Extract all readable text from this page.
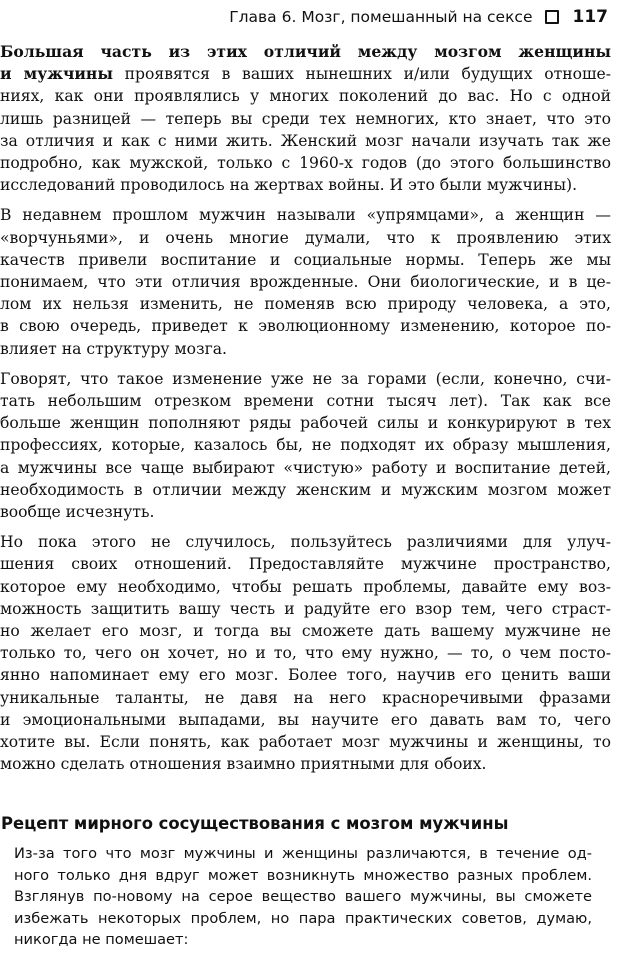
Глава 6. Мозг, помешанный на сексе 117

Большая часть из этих отличий между мозгом женщины
и мужчины проявятся в ваших нынешних и/или будущих отноше-
ниях, как они проявлялись у многих поколений до вас. Но с одной
лишь разницей — теперь вы среди тех немногих, кто знает, что это
за отличия и как с ними жить. Женский мозг начали изучать так же
подробно, как мужской, только с 1960-х годов (до этого большинство
исследований проводилось на жертвах войны. И это были мужчины).

В недавнем прошлом мужчин называли «упрямцами», а женщин —
«ворчуньями», и очень многие думали, что к проявлению этих
качеств привели воспитание и социальные нормы. Теперь же мы
понимаем, что эти отличия врожденные. Они биологические, и в це-
лом их нельзя изменить, не поменяв всю природу человека, а это,
в свою очередь, приведет к эволюционному изменению, которое по-
влияет на структуру мозга.

Говорят, что такое изменение уже не за горами (если, конечно, счи-
тать небольшим отрезком времени сотни тысяч лет). Так как все
больше женщин пополняют ряды рабочей силы и конкурируют в тех
профессиях, которые, казалось бы, не подходят их образу мышления,
а мужчины все чаще выбирают «чистую» работу и воспитание детей,
необходимость в отличии между женским и мужским мозгом может
вообще исчезнуть.

Но пока этого не случилось, пользуйтесь различиями для улуч-
шения своих отношений. Предоставляйте мужчине пространство,
которое ему необходимо, чтобы решать проблемы, давайте ему воз-
можность защитить вашу честь и радуйте его взор тем, чего страст-
но желает его мозг, и тогда вы сможете дать вашему мужчине не
только то, чего он хочет, но и то, что ему нужно, — то, о чем посто-
янно напоминает ему его мозг. Более того, научив его ценить ваши
уникальные таланты, не давя на него красноречивыми фразами
и эмоциональными выпадами, вы научите его давать вам то, чего
хотите вы. Если понять, как работает мозг мужчины и женщины, то
можно сделать отношения взаимно приятными для обоих.

Рецепт мирного сосуществования с мозгом мужчины
Из-за того что мозг мужчины и женщины различаются, в течение од-
ного только дня вдруг может возникнуть множество разных проблем.
Взглянув по-новому на серое вещество вашего мужчины, вы сможете
избежать некоторых проблем, но пара практических советов, думаю,
никогда не помешает:
